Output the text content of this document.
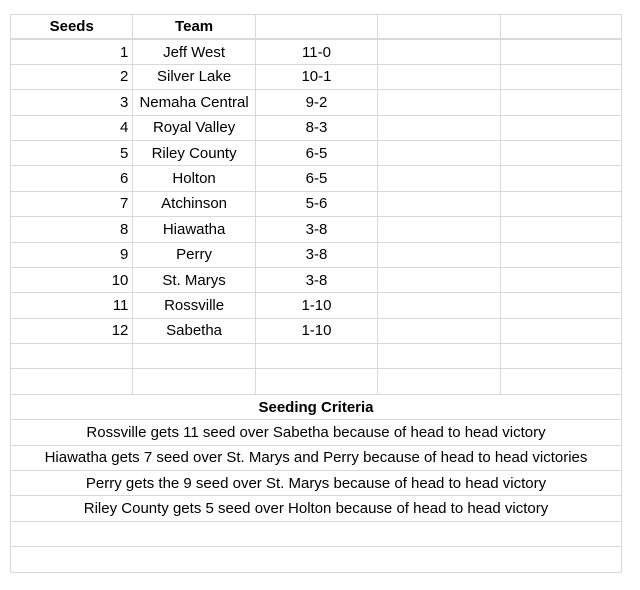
Seeds	Team
1	Jeff West	11-0
2	Silver Lake	10-1
3 Nemaha Central	9-2
4	Royal Valley	8-3
5	Riley County	6-5
6	Holton	6-5
7	Atchinson	5-6
8	Hiawatha	3-8
9	Perry	3-8
10	St. Marys	3-8
11	Rossville	1-10
12	Sabetha	1-10
Seeding Criteria
Rossville gets 11 seed over Sabetha because of head to head victory
Hiawatha gets 7 seed over St. Marys and Perry because of head to head victories
Perry gets the 9 seed over St. Marys because of head to head victory
Riley County gets 5 seed over Holton because of head to head victory
